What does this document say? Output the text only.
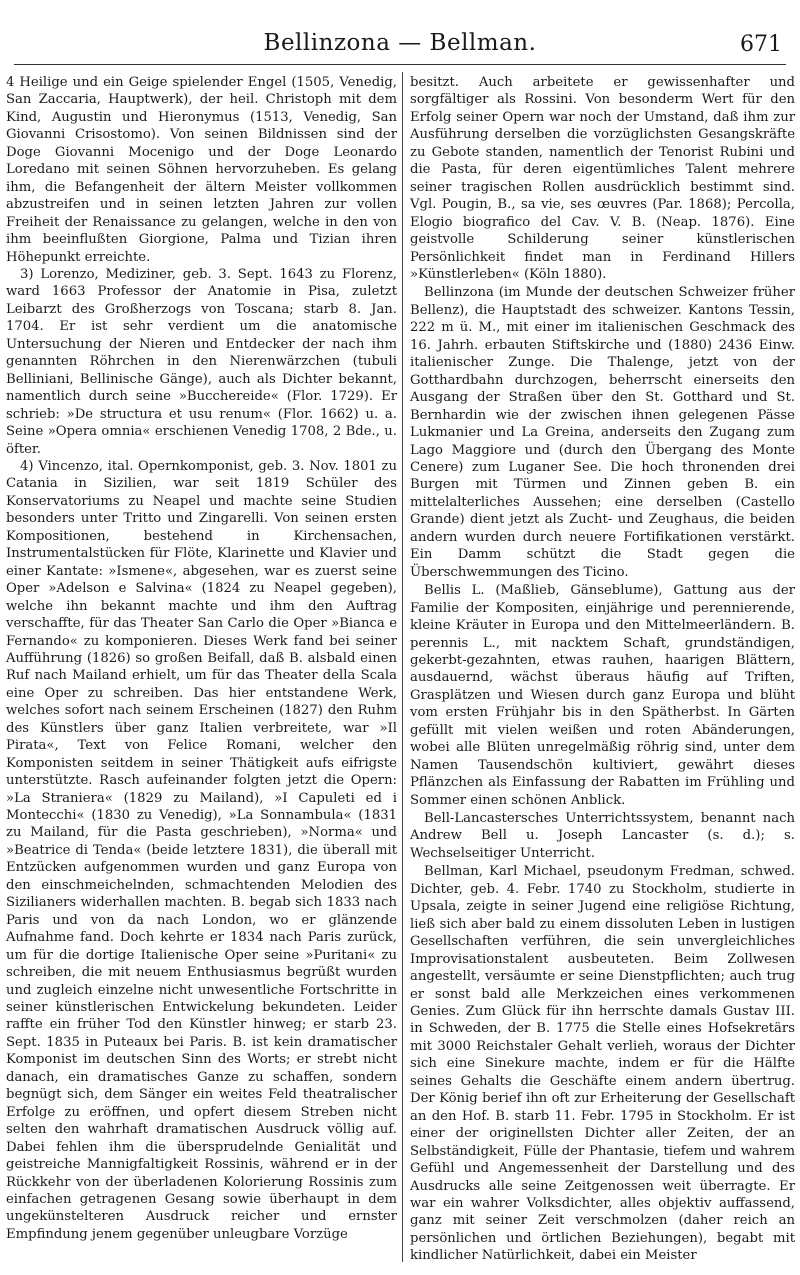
Bellinzona — Bellman.	671

4 Heilige und ein Geige spielender Engel (1505, Venedig, San Zaccaria, Hauptwerk), der heil. Christoph mit dem Kind, Augustin und Hieronymus (1513, Venedig, San Giovanni Crisostomo). Von seinen Bildnissen sind der Doge Giovanni Mocenigo und der Doge Leonardo Loredano mit seinen Söhnen hervorzuheben. Es gelang ihm, die Befangenheit der ältern Meister vollkommen abzustreifen und in seinen letzten Jahren zur vollen Freiheit der Renaissance zu gelangen, welche in den von ihm beeinflußten Giorgione, Palma und Tizian ihren Höhepunkt erreichte.

3) Lorenzo, Mediziner, geb. 3. Sept. 1643 zu Florenz, ward 1663 Professor der Anatomie in Pisa, zuletzt Leibarzt des Großherzogs von Toscana; starb 8. Jan. 1704. Er ist sehr verdient um die anatomische Untersuchung der Nieren und Entdecker der nach ihm genannten Röhrchen in den Nierenwärzchen (tubuli Belliniani, Bellinische Gänge), auch als Dichter bekannt, namentlich durch seine »Bucchereide« (Flor. 1729). Er schrieb: »De structura et usu renum« (Flor. 1662) u. a. Seine »Opera omnia« erschienen Venedig 1708, 2 Bde., u. öfter.

4) Vincenzo, ital. Opernkomponist, geb. 3. Nov. 1801 zu Catania in Sizilien, war seit 1819 Schüler des Konservatoriums zu Neapel und machte seine Studien besonders unter Tritto und Zingarelli. Von seinen ersten Kompositionen, bestehend in Kirchensachen, Instrumentalstücken für Flöte, Klarinette und Klavier und einer Kantate: »Ismene«, abgesehen, war es zuerst seine Oper »Adelson e Salvina« (1824 zu Neapel gegeben), welche ihn bekannt machte und ihm den Auftrag verschaffte, für das Theater San Carlo die Oper »Bianca e Fernando« zu komponieren. Dieses Werk fand bei seiner Aufführung (1826) so großen Beifall, daß B. alsbald einen Ruf nach Mailand erhielt, um für das Theater della Scala eine Oper zu schreiben. Das hier entstandene Werk, welches sofort nach seinem Erscheinen (1827) den Ruhm des Künstlers über ganz Italien verbreitete, war »Il Pirata«, Text von Felice Romani, welcher den Komponisten seitdem in seiner Thätigkeit aufs eifrigste unterstützte. Rasch aufeinander folgten jetzt die Opern: »La Straniera« (1829 zu Mailand), »I Capuleti ed i Montecchi« (1830 zu Venedig), »La Sonnambula« (1831 zu Mailand, für die Pasta geschrieben), »Norma« und »Beatrice di Tenda« (beide letztere 1831), die überall mit Entzücken aufgenommen wurden und ganz Europa von den einschmeichelnden, schmachtenden Melodien des Sizilianers widerhallen machten. B. begab sich 1833 nach Paris und von da nach London, wo er glänzende Aufnahme fand. Doch kehrte er 1834 nach Paris zurück, um für die dortige Italienische Oper seine »Puritani« zu schreiben, die mit neuem Enthusiasmus begrüßt wurden und zugleich einzelne nicht unwesentliche Fortschritte in seiner künstlerischen Entwickelung bekundeten. Leider raffte ein früher Tod den Künstler hinweg; er starb 23. Sept. 1835 in Puteaux bei Paris. B. ist kein dramatischer Komponist im deutschen Sinn des Worts; er strebt nicht danach, ein dramatisches Ganze zu schaffen, sondern begnügt sich, dem Sänger ein weites Feld theatralischer Erfolge zu eröffnen, und opfert diesem Streben nicht selten den wahrhaft dramatischen Ausdruck völlig auf. Dabei fehlen ihm die übersprudelnde Genialität und geistreiche Mannigfaltigkeit Rossinis, während er in der Rückkehr von der überladenen Kolorierung Rossinis zum einfachen getragenen Gesang sowie überhaupt in dem ungekünstelteren Ausdruck reicher und ernster Empfindung jenem gegenüber unleugbare Vorzüge

besitzt. Auch arbeitete er gewissenhafter und sorgfältiger als Rossini. Von besonderm Wert für den Erfolg seiner Opern war noch der Umstand, daß ihm zur Ausführung derselben die vorzüglichsten Gesangskräfte zu Gebote standen, namentlich der Tenorist Rubini und die Pasta, für deren eigentümliches Talent mehrere seiner tragischen Rollen ausdrücklich bestimmt sind. Vgl. Pougin, B., sa vie, ses œuvres (Par. 1868); Percolla, Elogio biografico del Cav. V. B. (Neap. 1876). Eine geistvolle Schilderung seiner künstlerischen Persönlichkeit findet man in Ferdinand Hillers »Künstlerleben« (Köln 1880).

Bellinzona (im Munde der deutschen Schweizer früher Bellenz), die Hauptstadt des schweizer. Kantons Tessin, 222 m ü. M., mit einer im italienischen Geschmack des 16. Jahrh. erbauten Stiftskirche und (1880) 2436 Einw. italienischer Zunge. Die Thalenge, jetzt von der Gotthardbahn durchzogen, beherrscht einerseits den Ausgang der Straßen über den St. Gotthard und St. Bernhardin wie der zwischen ihnen gelegenen Pässe Lukmanier und La Greina, anderseits den Zugang zum Lago Maggiore und (durch den Übergang des Monte Cenere) zum Luganer See. Die hoch thronenden drei Burgen mit Türmen und Zinnen geben B. ein mittelalterliches Aussehen; eine derselben (Castello Grande) dient jetzt als Zucht- und Zeughaus, die beiden andern wurden durch neuere Fortifikationen verstärkt. Ein Damm schützt die Stadt gegen die Überschwemmungen des Ticino.

Bellis L. (Maßlieb, Gänseblume), Gattung aus der Familie der Kompositen, einjährige und perennierende, kleine Kräuter in Europa und den Mittelmeerländern. B. perennis L., mit nacktem Schaft, grundständigen, gekerbt-gezahnten, etwas rauhen, haarigen Blättern, ausdauernd, wächst überaus häufig auf Triften, Grasplätzen und Wiesen durch ganz Europa und blüht vom ersten Frühjahr bis in den Spätherbst. In Gärten gefüllt mit vielen weißen und roten Abänderungen, wobei alle Blüten unregelmäßig röhrig sind, unter dem Namen Tausendschön kultiviert, gewährt dieses Pflänzchen als Einfassung der Rabatten im Frühling und Sommer einen schönen Anblick.

Bell-Lancastersches Unterrichtssystem, benannt nach Andrew Bell u. Joseph Lancaster (s. d.); s. Wechselseitiger Unterricht.

Bellman, Karl Michael, pseudonym Fredman, schwed. Dichter, geb. 4. Febr. 1740 zu Stockholm, studierte in Upsala, zeigte in seiner Jugend eine religiöse Richtung, ließ sich aber bald zu einem dissoluten Leben in lustigen Gesellschaften verführen, die sein unvergleichliches Improvisationstalent ausbeuteten. Beim Zollwesen angestellt, versäumte er seine Dienstpflichten; auch trug er sonst bald alle Merkzeichen eines verkommenen Genies. Zum Glück für ihn herrschte damals Gustav III. in Schweden, der B. 1775 die Stelle eines Hofsekretärs mit 3000 Reichstaler Gehalt verlieh, woraus der Dichter sich eine Sinekure machte, indem er für die Hälfte seines Gehalts die Geschäfte einem andern übertrug. Der König berief ihn oft zur Erheiterung der Gesellschaft an den Hof. B. starb 11. Febr. 1795 in Stockholm. Er ist einer der originellsten Dichter aller Zeiten, der an Selbständigkeit, Fülle der Phantasie, tiefem und wahrem Gefühl und Angemessenheit der Darstellung und des Ausdrucks alle seine Zeitgenossen weit überragte. Er war ein wahrer Volksdichter, alles objektiv auffassend, ganz mit seiner Zeit verschmolzen (daher reich an persönlichen und örtlichen Beziehungen), begabt mit kindlicher Natürlichkeit, dabei ein Meister
